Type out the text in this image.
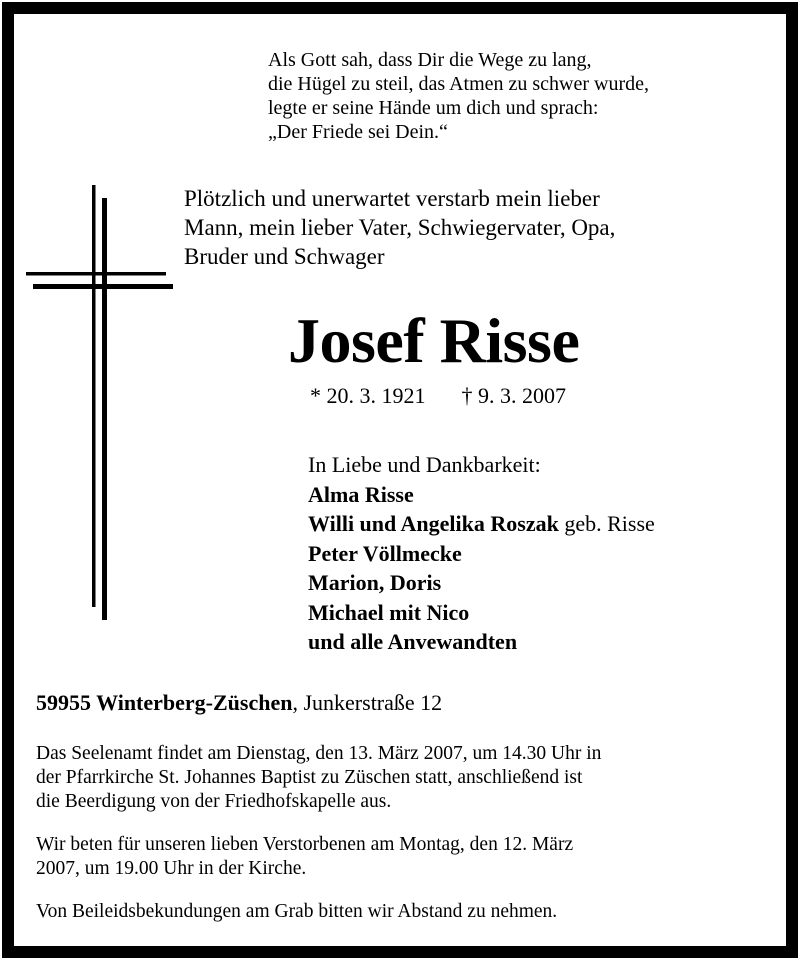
Als Gott sah, dass Dir die Wege zu lang,
die Hügel zu steil, das Atmen zu schwer wurde,
legte er seine Hände um dich und sprach:
„Der Friede sei Dein.“
Plötzlich und unerwartet verstarb mein lieber
Mann, mein lieber Vater, Schwiegervater, Opa,
Bruder und Schwager
Josef Risse
* 20. 3. 1921 † 9. 3. 2007
In Liebe und Dankbarkeit:
Alma Risse
Willi und Angelika Roszak geb. Risse
Peter Völlmecke
Marion, Doris
Michael mit Nico
und alle Anvewandten
59955 Winterberg-Züschen, Junkerstraße 12
Das Seelenamt findet am Dienstag, den 13. März 2007, um 14.30 Uhr in
der Pfarrkirche St. Johannes Baptist zu Züschen statt, anschließend ist
die Beerdigung von der Friedhofskapelle aus.
Wir beten für unseren lieben Verstorbenen am Montag, den 12. März
2007, um 19.00 Uhr in der Kirche.
Von Beileidsbekundungen am Grab bitten wir Abstand zu nehmen.
